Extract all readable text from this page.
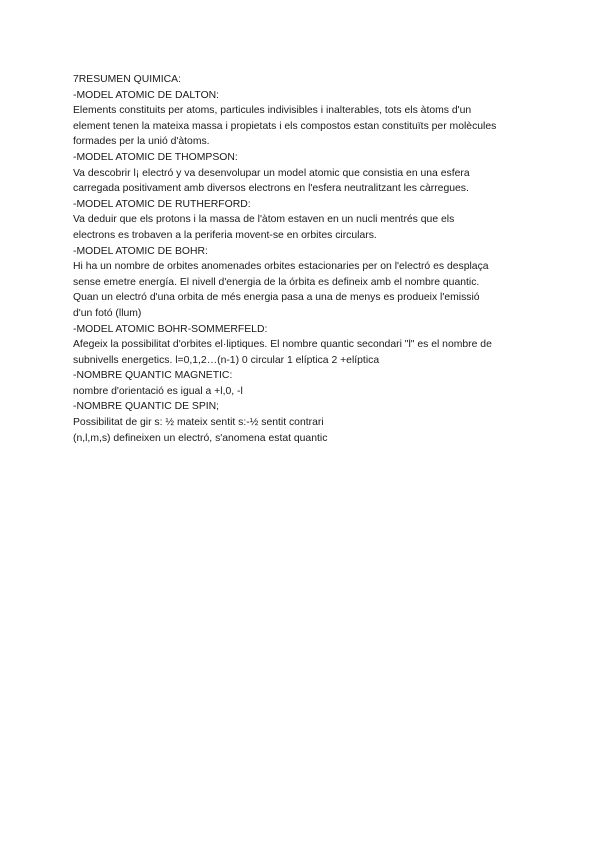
7RESUMEN QUIMICA:
-MODEL ATOMIC DE DALTON:
Elements constituits per atoms, particules indivisibles i inalterables, tots els àtoms d'un
element tenen la mateixa massa i propietats i els compostos estan constituïts per molècules
formades per la unió d'àtoms.
-MODEL ATOMIC DE THOMPSON:
Va descobrir l¡ electró y va desenvolupar un model atomic que consistia en una esfera
carregada positivament amb diversos electrons en l'esfera neutralitzant les càrregues.
-MODEL ATOMIC DE RUTHERFORD:
Va deduir que els protons i la massa de l'àtom estaven en un nucli mentrés que els
electrons es trobaven a la periferia movent-se en orbites circulars.
-MODEL ATOMIC DE BOHR:
Hi ha un nombre de orbites anomenades orbites estacionaries per on l'electró es desplaça
sense emetre energía. El nivell d'energia de la órbita es defineix amb el nombre quantic.
Quan un electró d'una orbita de més energia pasa a una de menys es produeix l'emissió
d'un fotó (llum)
-MODEL ATOMIC BOHR-SOMMERFELD:
Afegeix la possibilitat d'orbites el·liptiques. El nombre quantic secondari "l" es el nombre de
subnivells energetics. l=0,1,2…(n-1) 0 circular 1 elíptica 2 +elíptica
-NOMBRE QUANTIC MAGNETIC:
nombre d'orientació es igual a +l,0, -l
-NOMBRE QUANTIC DE SPIN;
Possibilitat de gir s: ½ mateix sentit s:-½ sentit contrari
(n,l,m,s) defineixen un electró, s'anomena estat quantic
